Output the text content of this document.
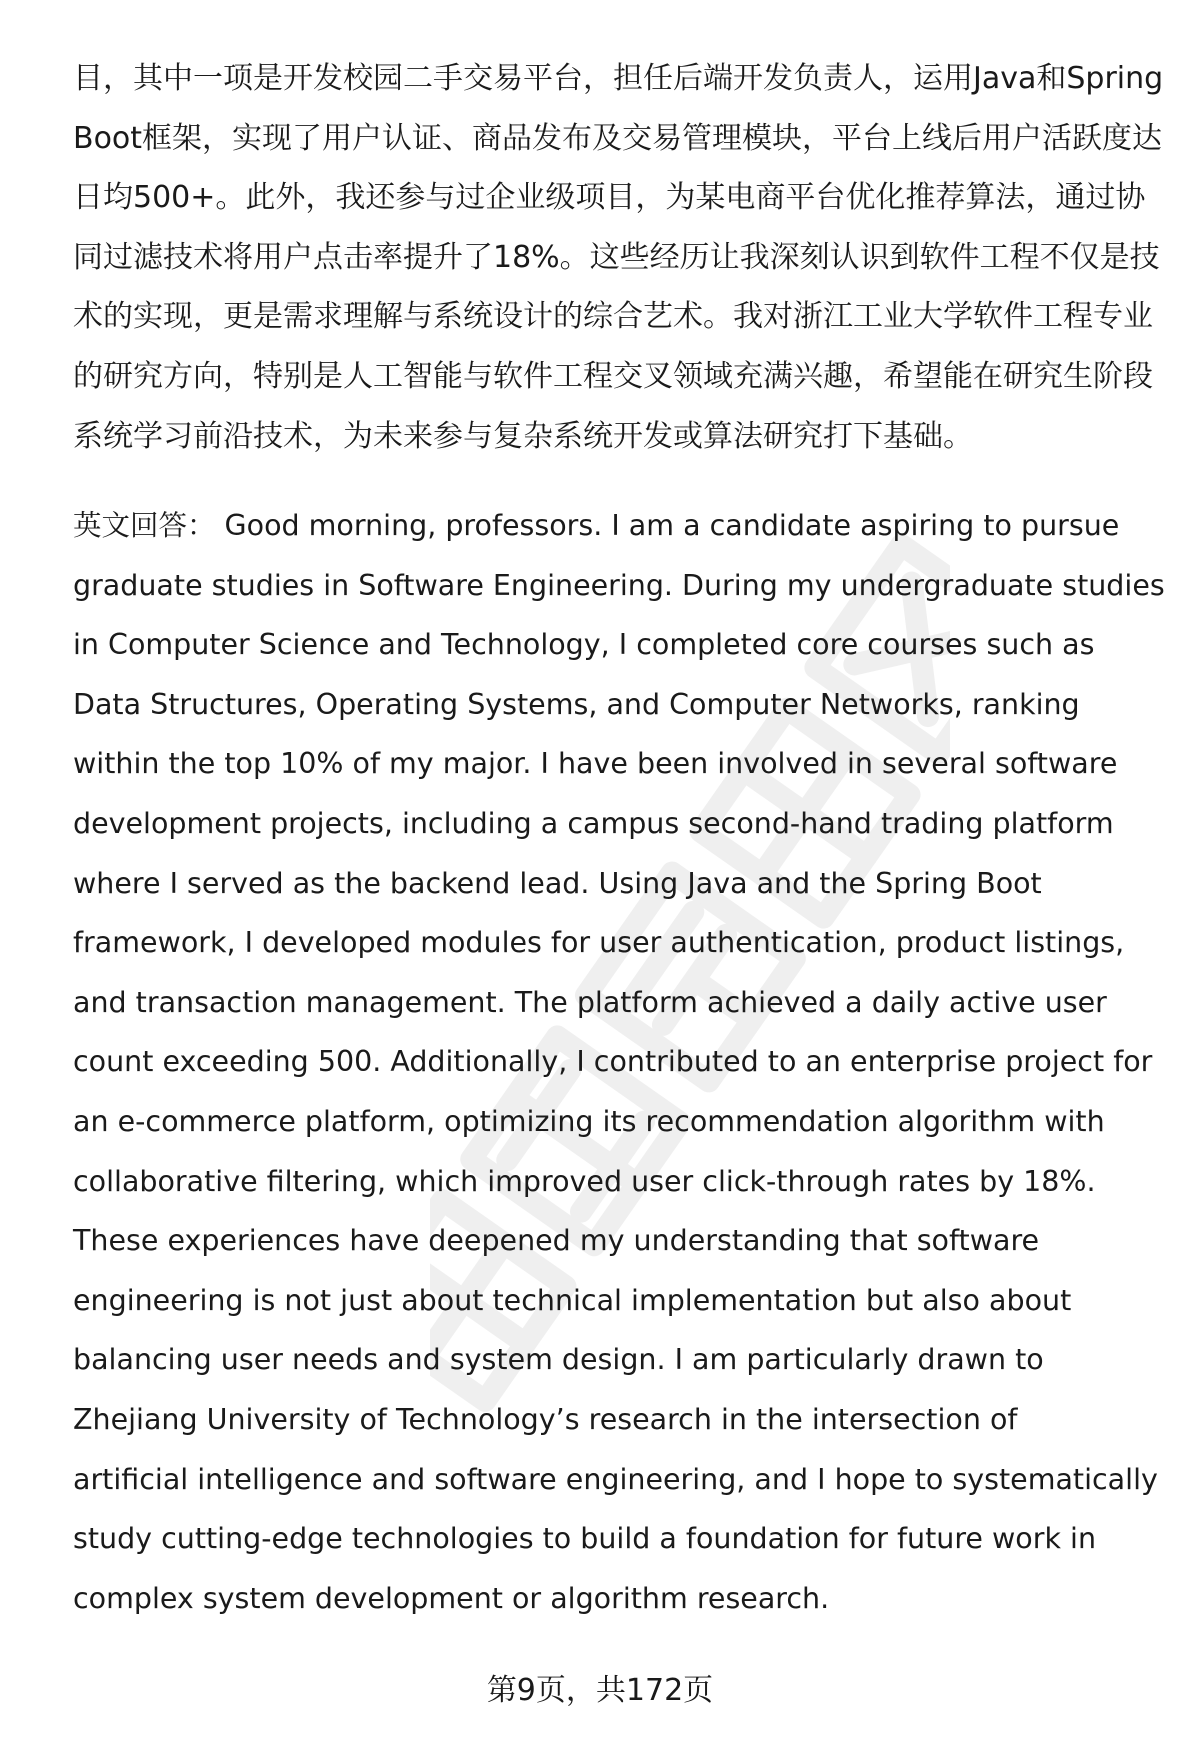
目，其中一项是开发校园二手交易平台，担任后端开发负责人，运用Java和Spring
Boot框架，实现了用户认证、商品发布及交易管理模块，平台上线后用户活跃度达
日均500+。此外，我还参与过企业级项目，为某电商平台优化推荐算法，通过协
同过滤技术将用户点击率提升了18%。这些经历让我深刻认识到软件工程不仅是技
术的实现，更是需求理解与系统设计的综合艺术。我对浙江工业大学软件工程专业
的研究方向，特别是人工智能与软件工程交叉领域充满兴趣，希望能在研究生阶段
系统学习前沿技术，为未来参与复杂系统开发或算法研究打下基础。
英文回答： Good morning, professors. I am a candidate aspiring to pursue
graduate studies in Software Engineering. During my undergraduate studies
in Computer Science and Technology, I completed core courses such as
Data Structures, Operating Systems, and Computer Networks, ranking
within the top 10% of my major. I have been involved in several software
development projects, including a campus second-hand trading platform
where I served as the backend lead. Using Java and the Spring Boot
framework, I developed modules for user authentication, product listings,
and transaction management. The platform achieved a daily active user
count exceeding 500. Additionally, I contributed to an enterprise project for
an e-commerce platform, optimizing its recommendation algorithm with
collaborative filtering, which improved user click-through rates by 18%.
These experiences have deepened my understanding that software
engineering is not just about technical implementation but also about
balancing user needs and system design. I am particularly drawn to
Zhejiang University of Technology’s research in the intersection of
artificial intelligence and software engineering, and I hope to systematically
study cutting-edge technologies to build a foundation for future work in
complex system development or algorithm research.
第9页，共172页
